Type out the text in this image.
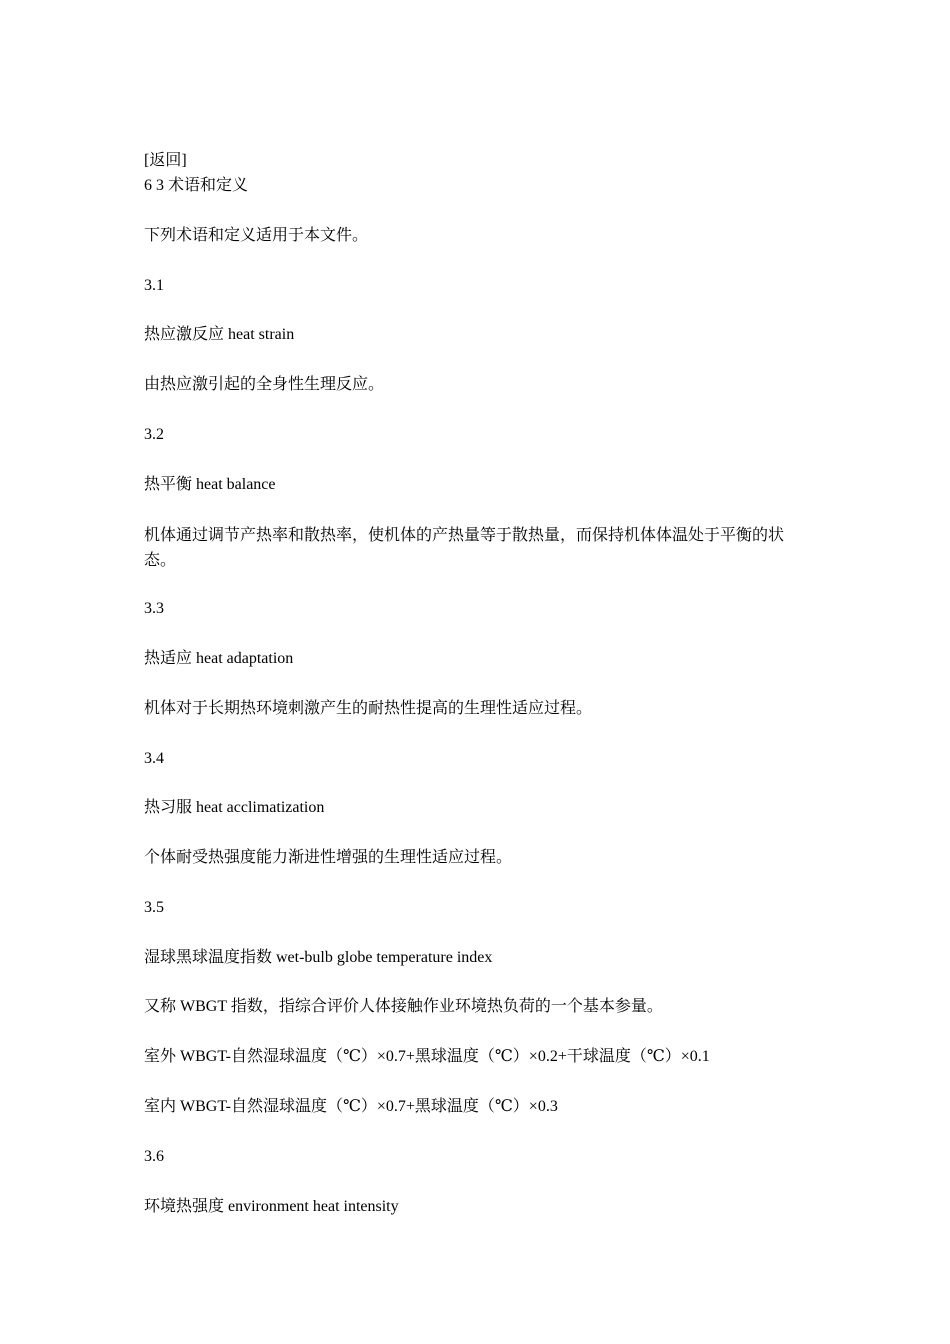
[返回]
6 3 术语和定义
下列术语和定义适用于本文件。
3.1
热应激反应 heat strain
由热应激引起的全身性生理反应。
3.2
热平衡 heat balance
机体通过调节产热率和散热率，使机体的产热量等于散热量，而保持机体体温处于平衡的状态。
3.3
热适应 heat adaptation
机体对于长期热环境刺激产生的耐热性提高的生理性适应过程。
3.4
热习服 heat acclimatization
个体耐受热强度能力渐进性增强的生理性适应过程。
3.5
湿球黑球温度指数 wet-bulb globe temperature index
又称 WBGT 指数，指综合评价人体接触作业环境热负荷的一个基本参量。
室外 WBGT-自然湿球温度（℃）×0.7+黑球温度（℃）×0.2+干球温度（℃）×0.1
室内 WBGT-自然湿球温度（℃）×0.7+黑球温度（℃）×0.3
3.6
环境热强度 environment heat intensity
